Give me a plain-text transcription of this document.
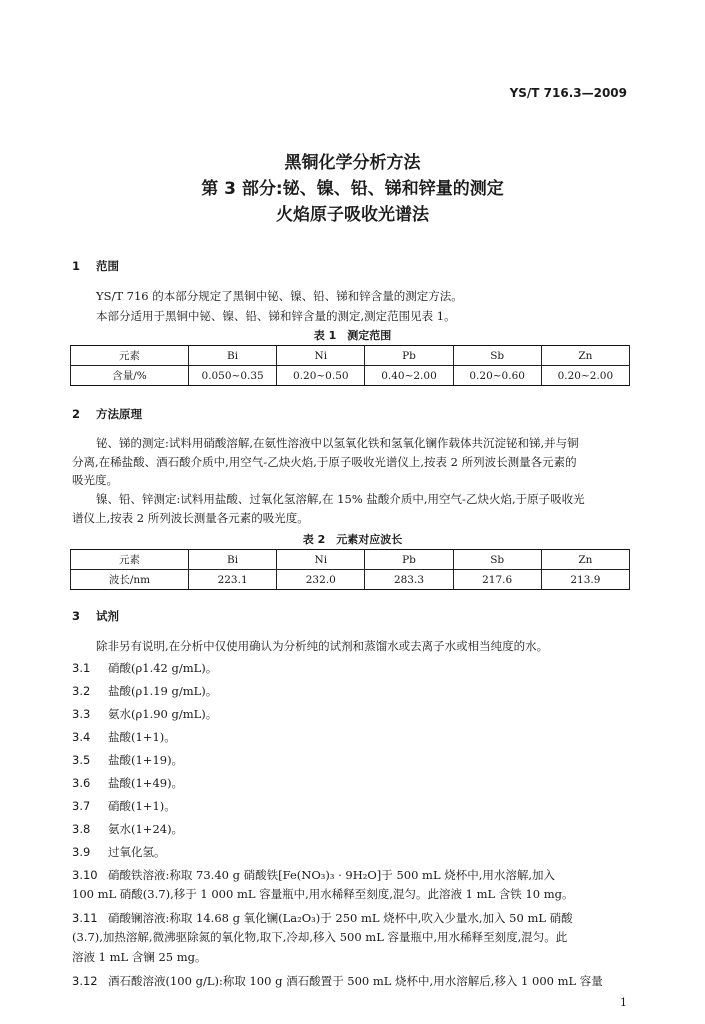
YS/T 716.3—2009
黑铜化学分析方法
第 3 部分:铋、镍、铅、锑和锌量的测定
火焰原子吸收光谱法
1 范围
YS/T 716 的本部分规定了黑铜中铋、镍、铅、锑和锌含量的测定方法。
本部分适用于黑铜中铋、镍、铅、锑和锌含量的测定,测定范围见表 1。
表 1　测定范围
元素	Bi	Ni	Pb	Sb	Zn
含量/%	0.050~0.35	0.20~0.50	0.40~2.00	0.20~0.60	0.20~2.00
2 方法原理
铋、锑的测定:试料用硝酸溶解,在氨性溶液中以氢氧化铁和氢氧化镧作载体共沉淀铋和锑,并与铜
分离,在稀盐酸、酒石酸介质中,用空气-乙炔火焰,于原子吸收光谱仪上,按表 2 所列波长测量各元素的
吸光度。
镍、铅、锌测定:试料用盐酸、过氧化氢溶解,在 15% 盐酸介质中,用空气-乙炔火焰,于原子吸收光
谱仪上,按表 2 所列波长测量各元素的吸光度。
表 2　元素对应波长
元素	Bi	Ni	Pb	Sb	Zn
波长/nm	223.1	232.0	283.3	217.6	213.9
3 试剂
除非另有说明,在分析中仅使用确认为分析纯的试剂和蒸馏水或去离子水或相当纯度的水。
3.1 硝酸(ρ1.42 g/mL)。
3.2 盐酸(ρ1.19 g/mL)。
3.3 氨水(ρ1.90 g/mL)。
3.4 盐酸(1+1)。
3.5 盐酸(1+19)。
3.6 盐酸(1+49)。
3.7 硝酸(1+1)。
3.8 氨水(1+24)。
3.9 过氧化氢。
3.10 硝酸铁溶液:称取 73.40 g 硝酸铁[Fe(NO₃)₃ · 9H₂O]于 500 mL 烧杯中,用水溶解,加入
100 mL 硝酸(3.7),移于 1 000 mL 容量瓶中,用水稀释至刻度,混匀。此溶液 1 mL 含铁 10 mg。
3.11 硝酸镧溶液:称取 14.68 g 氧化镧(La₂O₃)于 250 mL 烧杯中,吹入少量水,加入 50 mL 硝酸
(3.7),加热溶解,微沸驱除氮的氧化物,取下,冷却,移入 500 mL 容量瓶中,用水稀释至刻度,混匀。此
溶液 1 mL 含镧 25 mg。
3.12 酒石酸溶液(100 g/L):称取 100 g 酒石酸置于 500 mL 烧杯中,用水溶解后,移入 1 000 mL 容量
1
